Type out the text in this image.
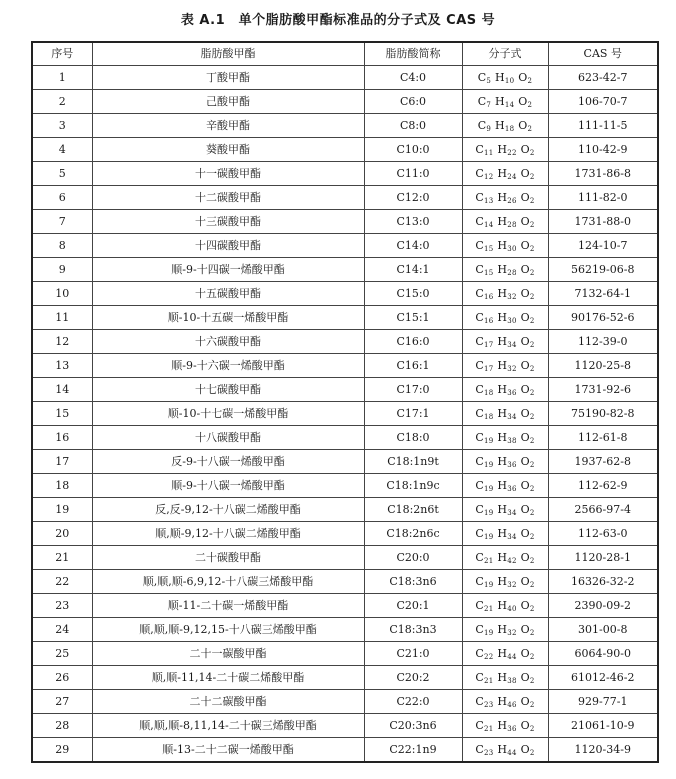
表 A.1　单个脂肪酸甲酯标准品的分子式及 CAS 号
序号	脂肪酸甲酯	脂肪酸简称	分子式	CAS 号
1	丁酸甲酯	C4:0	$C_5$ $H_{10}$ $O_2$	623-42-7
2	己酸甲酯	C6:0	$C_7$ $H_{14}$ $O_2$	106-70-7
3	辛酸甲酯	C8:0	$C_9$ $H_{18}$ $O_2$	111-11-5
4	葵酸甲酯	C10:0	$C_{11}$ $H_{22}$ $O_2$	110-42-9
5	十一碳酸甲酯	C11:0	$C_{12}$ $H_{24}$ $O_2$	1731-86-8
6	十二碳酸甲酯	C12:0	$C_{13}$ $H_{26}$ $O_2$	111-82-0
7	十三碳酸甲酯	C13:0	$C_{14}$ $H_{28}$ $O_2$	1731-88-0
8	十四碳酸甲酯	C14:0	$C_{15}$ $H_{30}$ $O_2$	124-10-7
9	顺-9-十四碳一烯酸甲酯	C14:1	$C_{15}$ $H_{28}$ $O_2$	56219-06-8
10	十五碳酸甲酯	C15:0	$C_{16}$ $H_{32}$ $O_2$	7132-64-1
11	顺-10-十五碳一烯酸甲酯	C15:1	$C_{16}$ $H_{30}$ $O_2$	90176-52-6
12	十六碳酸甲酯	C16:0	$C_{17}$ $H_{34}$ $O_2$	112-39-0
13	顺-9-十六碳一烯酸甲酯	C16:1	$C_{17}$ $H_{32}$ $O_2$	1120-25-8
14	十七碳酸甲酯	C17:0	$C_{18}$ $H_{36}$ $O_2$	1731-92-6
15	顺-10-十七碳一烯酸甲酯	C17:1	$C_{18}$ $H_{34}$ $O_2$	75190-82-8
16	十八碳酸甲酯	C18:0	$C_{19}$ $H_{38}$ $O_2$	112-61-8
17	反-9-十八碳一烯酸甲酯	C18:1n9t	$C_{19}$ $H_{36}$ $O_2$	1937-62-8
18	顺-9-十八碳一烯酸甲酯	C18:1n9c	$C_{19}$ $H_{36}$ $O_2$	112-62-9
19	反,反-9,12-十八碳二烯酸甲酯	C18:2n6t	$C_{19}$ $H_{34}$ $O_2$	2566-97-4
20	顺,顺-9,12-十八碳二烯酸甲酯	C18:2n6c	$C_{19}$ $H_{34}$ $O_2$	112-63-0
21	二十碳酸甲酯	C20:0	$C_{21}$ $H_{42}$ $O_2$	1120-28-1
22	顺,顺,顺-6,9,12-十八碳三烯酸甲酯	C18:3n6	$C_{19}$ $H_{32}$ $O_2$	16326-32-2
23	顺-11-二十碳一烯酸甲酯	C20:1	$C_{21}$ $H_{40}$ $O_2$	2390-09-2
24	顺,顺,顺-9,12,15-十八碳三烯酸甲酯	C18:3n3	$C_{19}$ $H_{32}$ $O_2$	301-00-8
25	二十一碳酸甲酯	C21:0	$C_{22}$ $H_{44}$ $O_2$	6064-90-0
26	顺,顺-11,14-二十碳二烯酸甲酯	C20:2	$C_{21}$ $H_{38}$ $O_2$	61012-46-2
27	二十二碳酸甲酯	C22:0	$C_{23}$ $H_{46}$ $O_2$	929-77-1
28	顺,顺,顺-8,11,14-二十碳三烯酸甲酯	C20:3n6	$C_{21}$ $H_{36}$ $O_2$	21061-10-9
29	顺-13-二十二碳一烯酸甲酯	C22:1n9	$C_{23}$ $H_{44}$ $O_2$	1120-34-9
